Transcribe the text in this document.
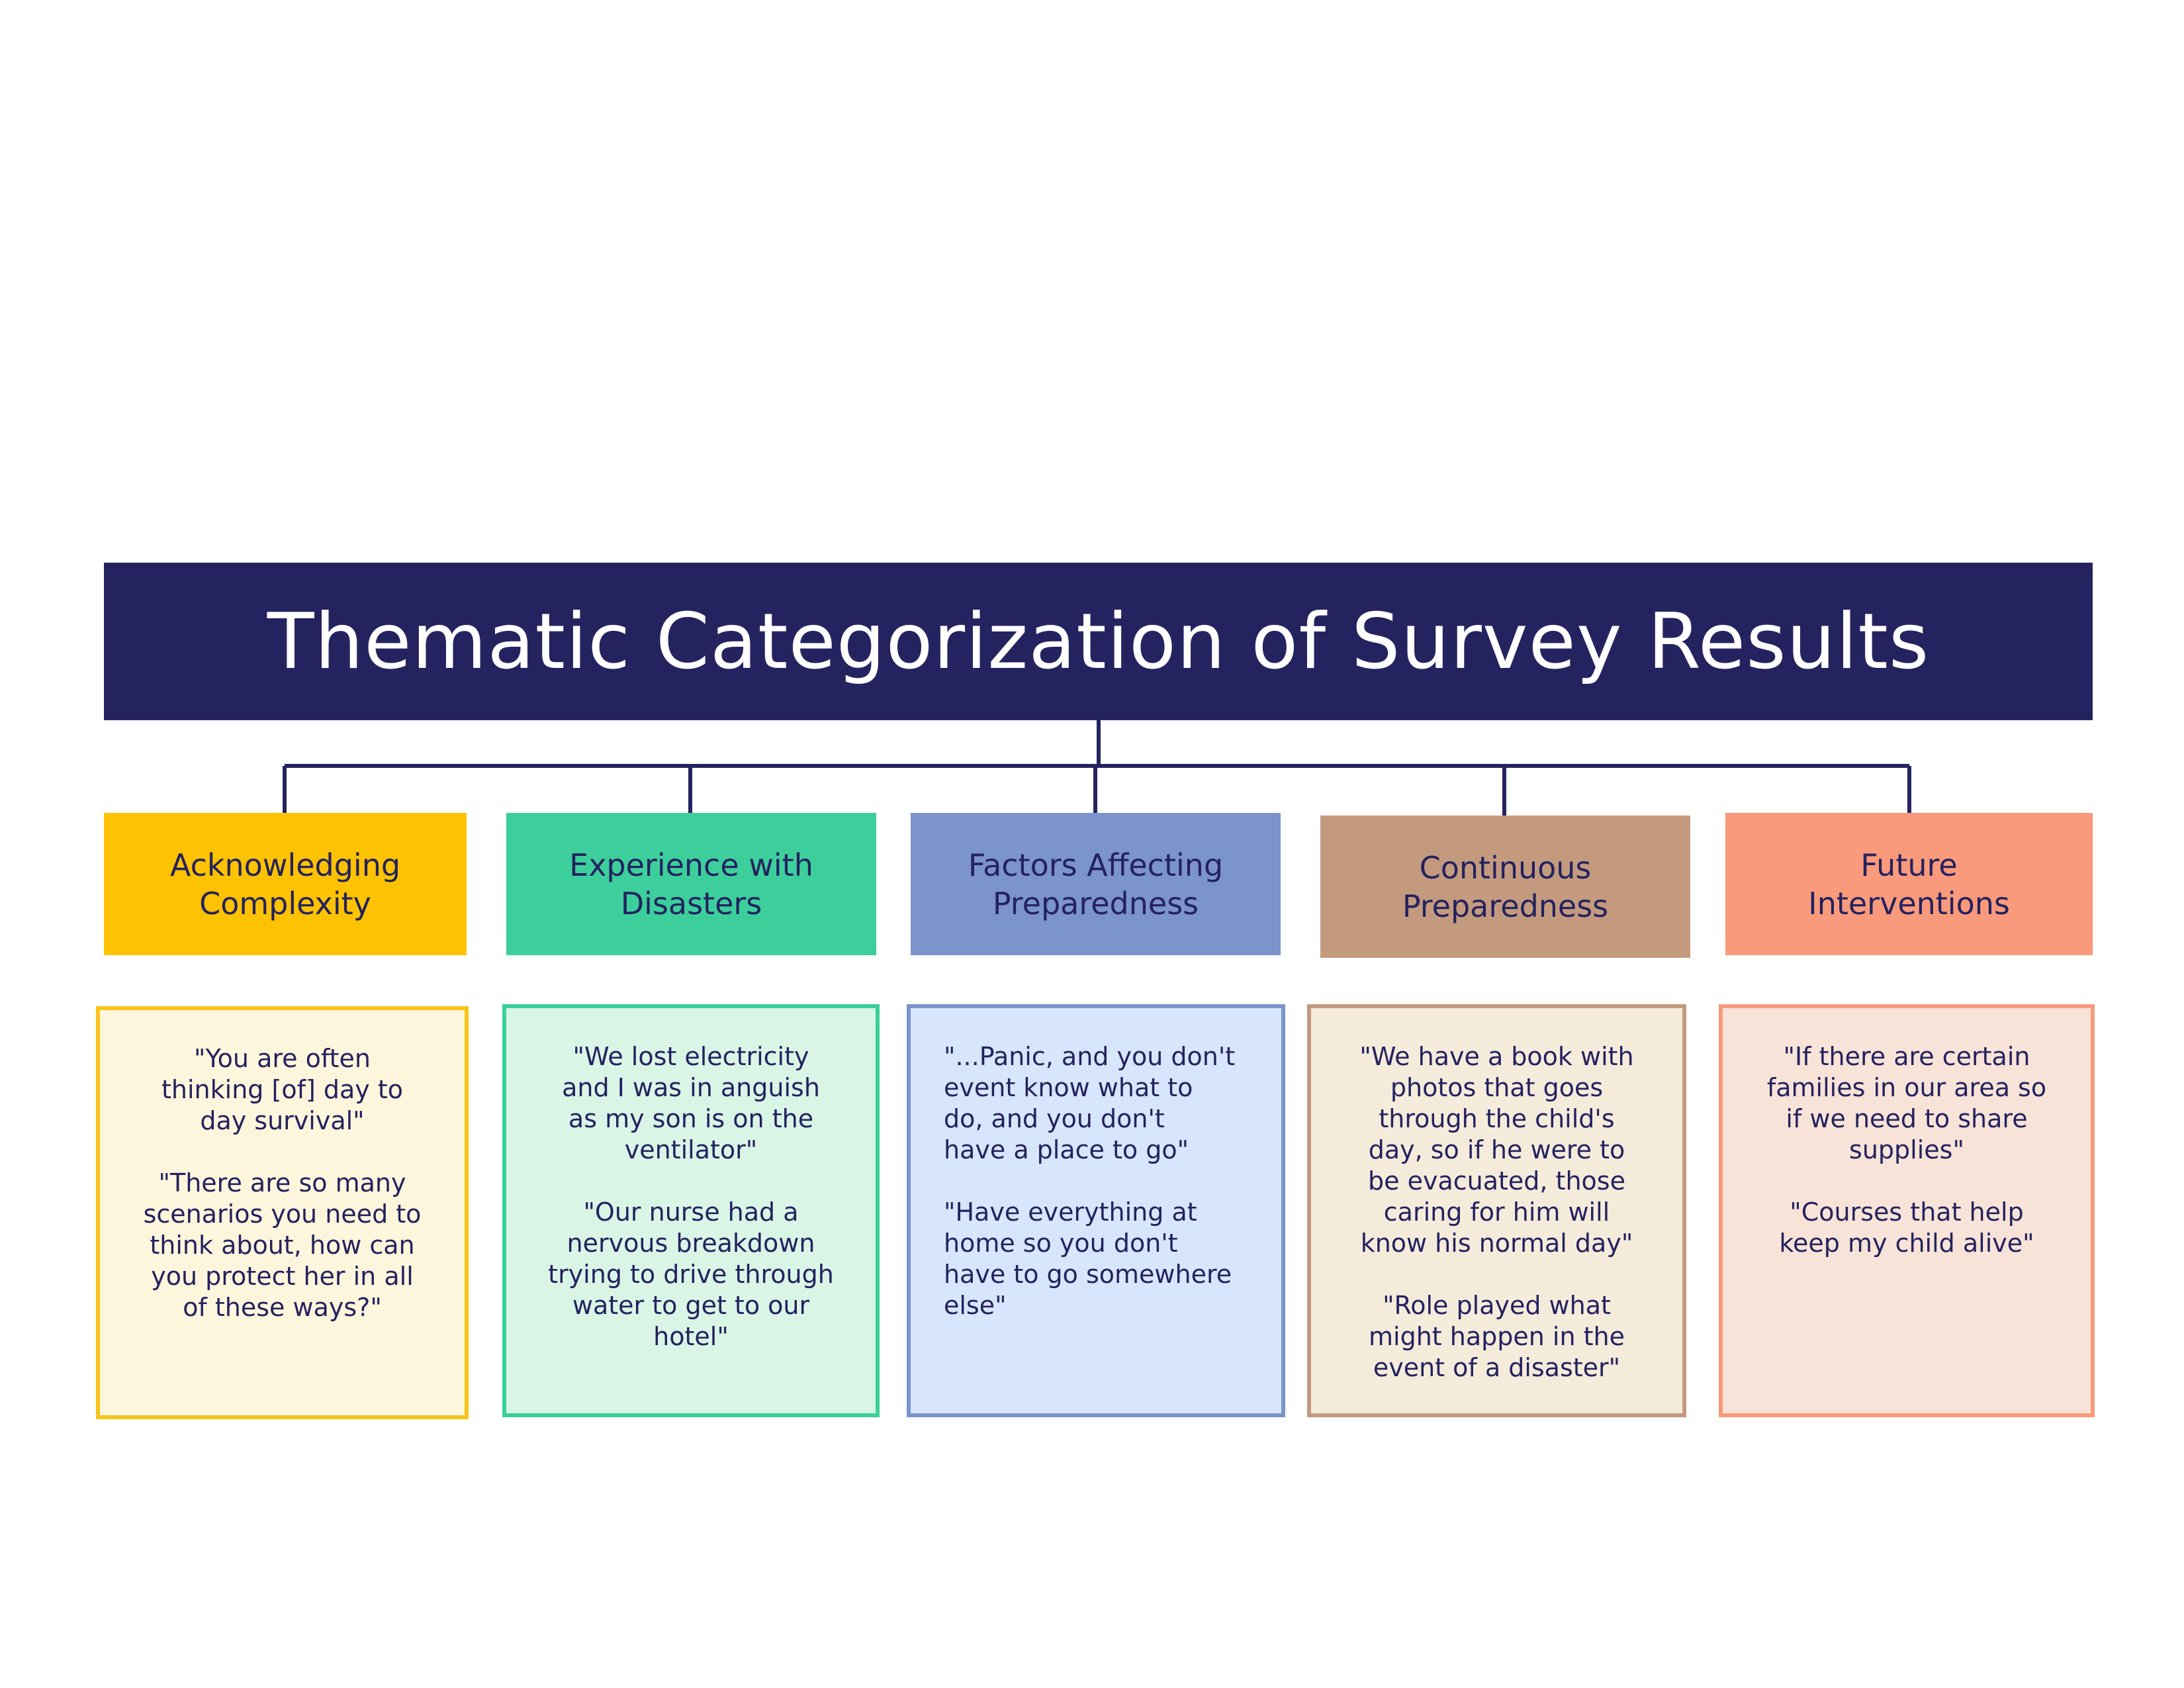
Thematic Categorization of Survey Results
Acknowledging
Complexity
Experience with
Disasters
Factors Affecting
Preparedness
Continuous
Preparedness
Future
Interventions

"You are often
thinking [of] day to
day survival"

"There are so many
scenarios you need to
think about, how can
you protect her in all
of these ways?"

"We lost electricity
and I was in anguish
as my son is on the
ventilator"

"Our nurse had a
nervous breakdown
trying to drive through
water to get to our
hotel"

"...Panic, and you don't
event know what to
do, and you don't
have a place to go"

"Have everything at
home so you don't
have to go somewhere
else"

"We have a book with
photos that goes
through the child's
day, so if he were to
be evacuated, those
caring for him will
know his normal day"

"Role played what
might happen in the
event of a disaster"

"If there are certain
families in our area so
if we need to share
supplies"

"Courses that help
keep my child alive"
